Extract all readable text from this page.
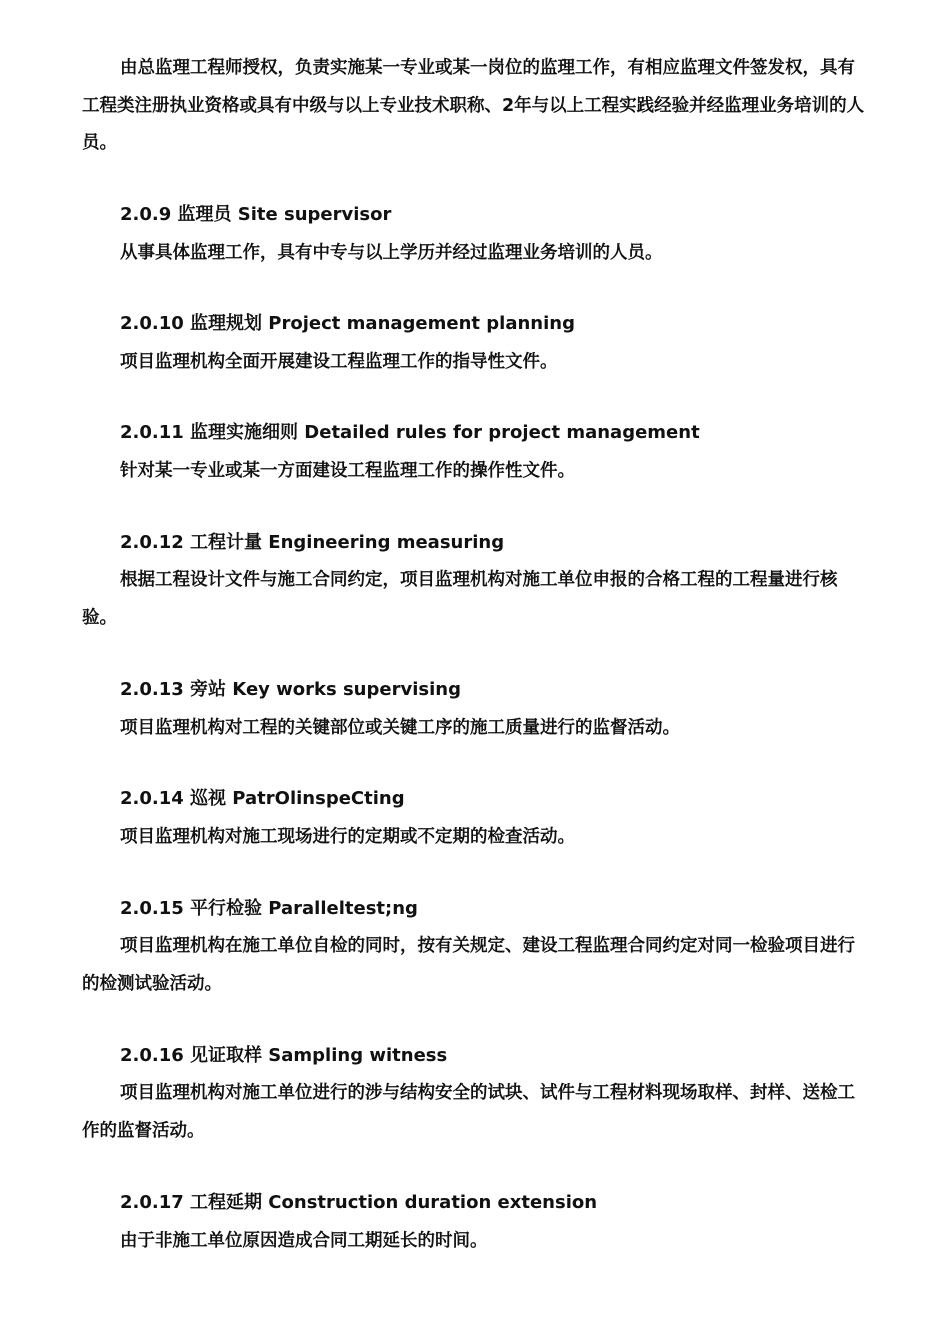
由总监理工程师授权，负责实施某一专业或某一岗位的监理工作，有相应监理文件签发权，具有工程类注册执业资格或具有中级与以上专业技术职称、2年与以上工程实践经验并经监理业务培训的人员。

2.0.9 监理员 Site supervisor

从事具体监理工作，具有中专与以上学历并经过监理业务培训的人员。

2.0.10 监理规划 Project management planning

项目监理机构全面开展建设工程监理工作的指导性文件。

2.0.11 监理实施细则 Detailed rules for project management

针对某一专业或某一方面建设工程监理工作的操作性文件。

2.0.12 工程计量 Engineering measuring

根据工程设计文件与施工合同约定，项目监理机构对施工单位申报的合格工程的工程量进行核验。

2.0.13 旁站 Key works supervising

项目监理机构对工程的关键部位或关键工序的施工质量进行的监督活动。

2.0.14 巡视 PatrOlinspeCting

项目监理机构对施工现场进行的定期或不定期的检查活动。

2.0.15 平行检验 Paralleltest;ng

项目监理机构在施工单位自检的同时，按有关规定、建设工程监理合同约定对同一检验项目进行的检测试验活动。

2.0.16 见证取样 Sampling witness

项目监理机构对施工单位进行的涉与结构安全的试块、试件与工程材料现场取样、封样、送检工作的监督活动。

2.0.17 工程延期 Construction duration extension

由于非施工单位原因造成合同工期延长的时间。
